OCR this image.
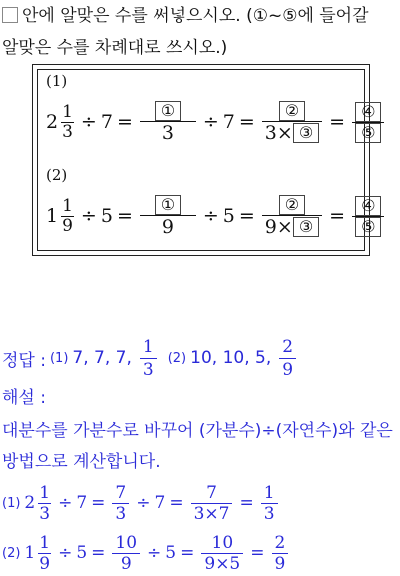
안에 알맞은 수를 써넣으시오. (①~⑤에 들어갈
알맞은 수를 차례대로 쓰시오.)
(1)
$2 \frac{1}{3} \div 7 = \frac{\text{①}}{3} \div 7 = \frac{\text{②}}{\text{3 × ③}} = \frac{\text{④}}{\text{⑤}}$
(2)
$1 \frac{1}{9} \div 5 = \frac{\text{①}}{9} \div 5 = \frac{\text{②}}{\text{9 × ③}} = \frac{\text{④}}{\text{⑤}}$
정답 : (1) 7, 7, 7, $\frac{1}{3} (2)$ 10, 10, 5, $\frac{2}{9}$
해설 :
대분수를 가분수로 바꾸어 (가분수)÷(자연수)와 같은
방법으로 계산합니다.
(1) $2 \frac{1}{3} \div 7 = \frac{7}{3} \div 7 = \frac{7}{3\times 7} = \frac{1}{3}$
(2) $1 \frac{1}{9} \div 5 = \frac{10}{9} \div 5 = \frac{10}{9\times 5} = \frac{2}{9}$
